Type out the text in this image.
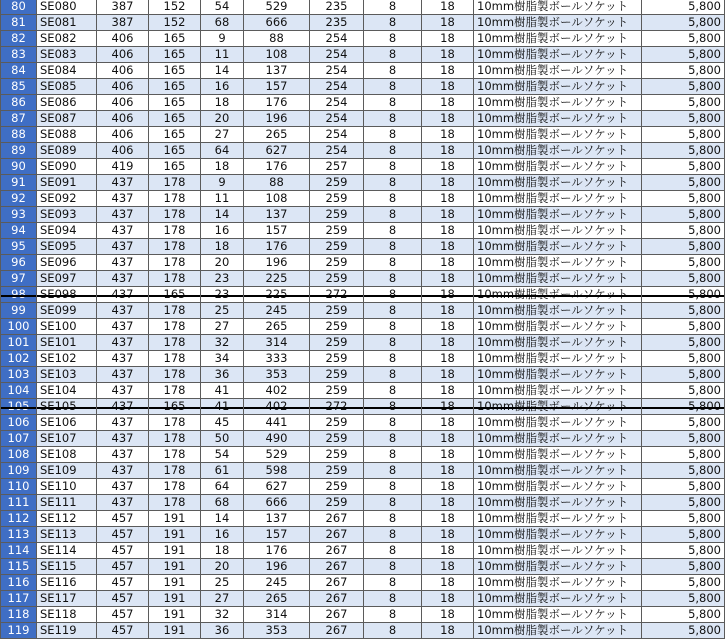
80	SE080	387	152	54	529	235	8	18	10mm樹脂製ボールソケット	5,800
81	SE081	387	152	68	666	235	8	18	10mm樹脂製ボールソケット	5,800
82	SE082	406	165	9	88	254	8	18	10mm樹脂製ボールソケット	5,800
83	SE083	406	165	11	108	254	8	18	10mm樹脂製ボールソケット	5,800
84	SE084	406	165	14	137	254	8	18	10mm樹脂製ボールソケット	5,800
85	SE085	406	165	16	157	254	8	18	10mm樹脂製ボールソケット	5,800
86	SE086	406	165	18	176	254	8	18	10mm樹脂製ボールソケット	5,800
87	SE087	406	165	20	196	254	8	18	10mm樹脂製ボールソケット	5,800
88	SE088	406	165	27	265	254	8	18	10mm樹脂製ボールソケット	5,800
89	SE089	406	165	64	627	254	8	18	10mm樹脂製ボールソケット	5,800
90	SE090	419	165	18	176	257	8	18	10mm樹脂製ボールソケット	5,800
91	SE091	437	178	9	88	259	8	18	10mm樹脂製ボールソケット	5,800
92	SE092	437	178	11	108	259	8	18	10mm樹脂製ボールソケット	5,800
93	SE093	437	178	14	137	259	8	18	10mm樹脂製ボールソケット	5,800
94	SE094	437	178	16	157	259	8	18	10mm樹脂製ボールソケット	5,800
95	SE095	437	178	18	176	259	8	18	10mm樹脂製ボールソケット	5,800
96	SE096	437	178	20	196	259	8	18	10mm樹脂製ボールソケット	5,800
97	SE097	437	178	23	225	259	8	18	10mm樹脂製ボールソケット	5,800
98	SE098	437	165	23	225	272	8	18	10mm樹脂製ボールソケット	5,800
99	SE099	437	178	25	245	259	8	18	10mm樹脂製ボールソケット	5,800
100	SE100	437	178	27	265	259	8	18	10mm樹脂製ボールソケット	5,800
101	SE101	437	178	32	314	259	8	18	10mm樹脂製ボールソケット	5,800
102	SE102	437	178	34	333	259	8	18	10mm樹脂製ボールソケット	5,800
103	SE103	437	178	36	353	259	8	18	10mm樹脂製ボールソケット	5,800
104	SE104	437	178	41	402	259	8	18	10mm樹脂製ボールソケット	5,800
105	SE105	437	165	41	402	272	8	18	10mm樹脂製ボールソケット	5,800
106	SE106	437	178	45	441	259	8	18	10mm樹脂製ボールソケット	5,800
107	SE107	437	178	50	490	259	8	18	10mm樹脂製ボールソケット	5,800
108	SE108	437	178	54	529	259	8	18	10mm樹脂製ボールソケット	5,800
109	SE109	437	178	61	598	259	8	18	10mm樹脂製ボールソケット	5,800
110	SE110	437	178	64	627	259	8	18	10mm樹脂製ボールソケット	5,800
111	SE111	437	178	68	666	259	8	18	10mm樹脂製ボールソケット	5,800
112	SE112	457	191	14	137	267	8	18	10mm樹脂製ボールソケット	5,800
113	SE113	457	191	16	157	267	8	18	10mm樹脂製ボールソケット	5,800
114	SE114	457	191	18	176	267	8	18	10mm樹脂製ボールソケット	5,800
115	SE115	457	191	20	196	267	8	18	10mm樹脂製ボールソケット	5,800
116	SE116	457	191	25	245	267	8	18	10mm樹脂製ボールソケット	5,800
117	SE117	457	191	27	265	267	8	18	10mm樹脂製ボールソケット	5,800
118	SE118	457	191	32	314	267	8	18	10mm樹脂製ボールソケット	5,800
119	SE119	457	191	36	353	267	8	18	10mm樹脂製ボールソケット	5,800
